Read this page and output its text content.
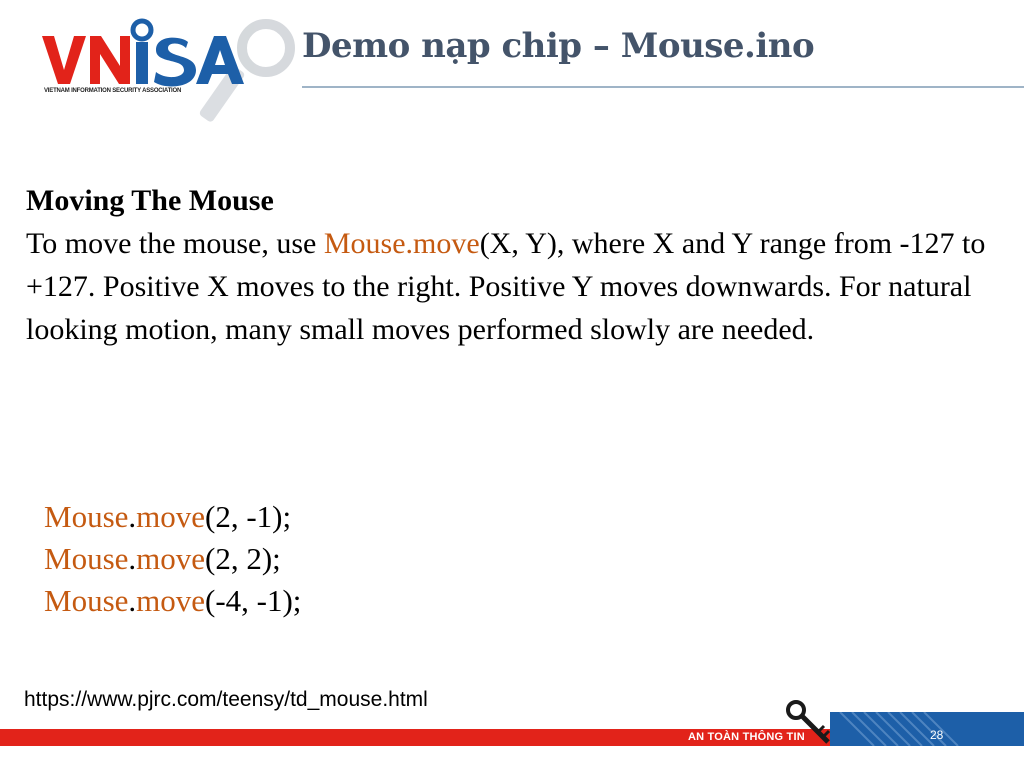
VIETNAM INFORMATION SECURITY ASSOCIATION
Demo nạp chip – Mouse.ino

Moving The Mouse

To move the mouse, use Mouse.move(X, Y), where X and Y range from -127 to +127. Positive X moves to the right. Positive Y moves downwards. For natural looking motion, many small moves performed slowly are needed.

Mouse.move(2, -1);
Mouse.move(2, 2);
Mouse.move(-4, -1);
https://www.pjrc.com/teensy/td_mouse.html
AN TOÀN THÔNG TIN	28
